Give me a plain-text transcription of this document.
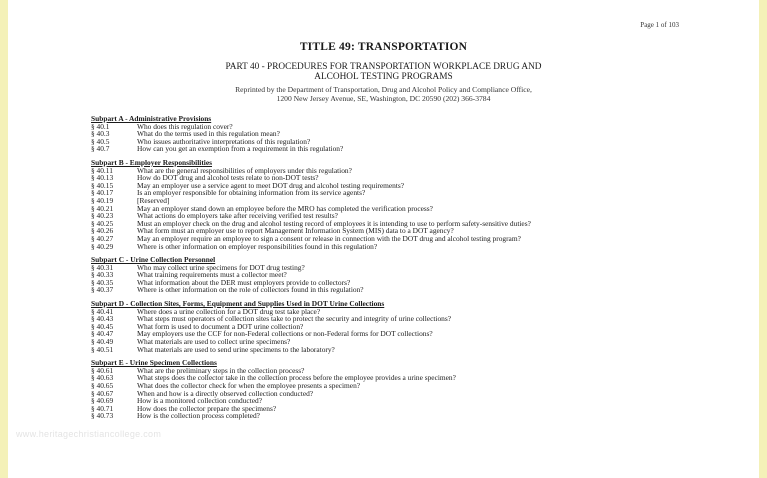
Page 1 of 103
TITLE 49: TRANSPORTATION
PART 40 - PROCEDURES FOR TRANSPORTATION WORKPLACE DRUG AND
ALCOHOL TESTING PROGRAMS
Reprinted by the Department of Transportation, Drug and Alcohol Policy and Compliance Office,
1200 New Jersey Avenue, SE, Washington, DC 20590 (202) 366-3784
Subpart A - Administrative Provisions
§ 40.1	Who does this regulation cover?
§ 40.3	What do the terms used in this regulation mean?
§ 40.5	Who issues authoritative interpretations of this regulation?
§ 40.7	How can you get an exemption from a requirement in this regulation?
Subpart B - Employer Responsibilities
§ 40.11	What are the general responsibilities of employers under this regulation?
§ 40.13	How do DOT drug and alcohol tests relate to non-DOT tests?
§ 40.15	May an employer use a service agent to meet DOT drug and alcohol testing requirements?
§ 40.17	Is an employer responsible for obtaining information from its service agents?
§ 40.19	[Reserved]
§ 40.21	May an employer stand down an employee before the MRO has completed the verification process?
§ 40.23	What actions do employers take after receiving verified test results?
§ 40.25	Must an employer check on the drug and alcohol testing record of employees it is intending to use to perform safety-sensitive duties?
§ 40.26	What form must an employer use to report Management Information System (MIS) data to a DOT agency?
§ 40.27	May an employer require an employee to sign a consent or release in connection with the DOT drug and alcohol testing program?
§ 40.29	Where is other information on employer responsibilities found in this regulation?
Subpart C - Urine Collection Personnel
§ 40.31	Who may collect urine specimens for DOT drug testing?
§ 40.33	What training requirements must a collector meet?
§ 40.35	What information about the DER must employers provide to collectors?
§ 40.37	Where is other information on the role of collectors found in this regulation?
Subpart D - Collection Sites, Forms, Equipment and Supplies Used in DOT Urine Collections
§ 40.41	Where does a urine collection for a DOT drug test take place?
§ 40.43	What steps must operators of collection sites take to protect the security and integrity of urine collections?
§ 40.45	What form is used to document a DOT urine collection?
§ 40.47	May employers use the CCF for non-Federal collections or non-Federal forms for DOT collections?
§ 40.49	What materials are used to collect urine specimens?
§ 40.51	What materials are used to send urine specimens to the laboratory?
Subpart E - Urine Specimen Collections
§ 40.61	What are the preliminary steps in the collection process?
§ 40.63	What steps does the collector take in the collection process before the employee provides a urine specimen?
§ 40.65	What does the collector check for when the employee presents a specimen?
§ 40.67	When and how is a directly observed collection conducted?
§ 40.69	How is a monitored collection conducted?
§ 40.71	How does the collector prepare the specimens?
§ 40.73	How is the collection process completed?
www.heritagechristiancollege.com
